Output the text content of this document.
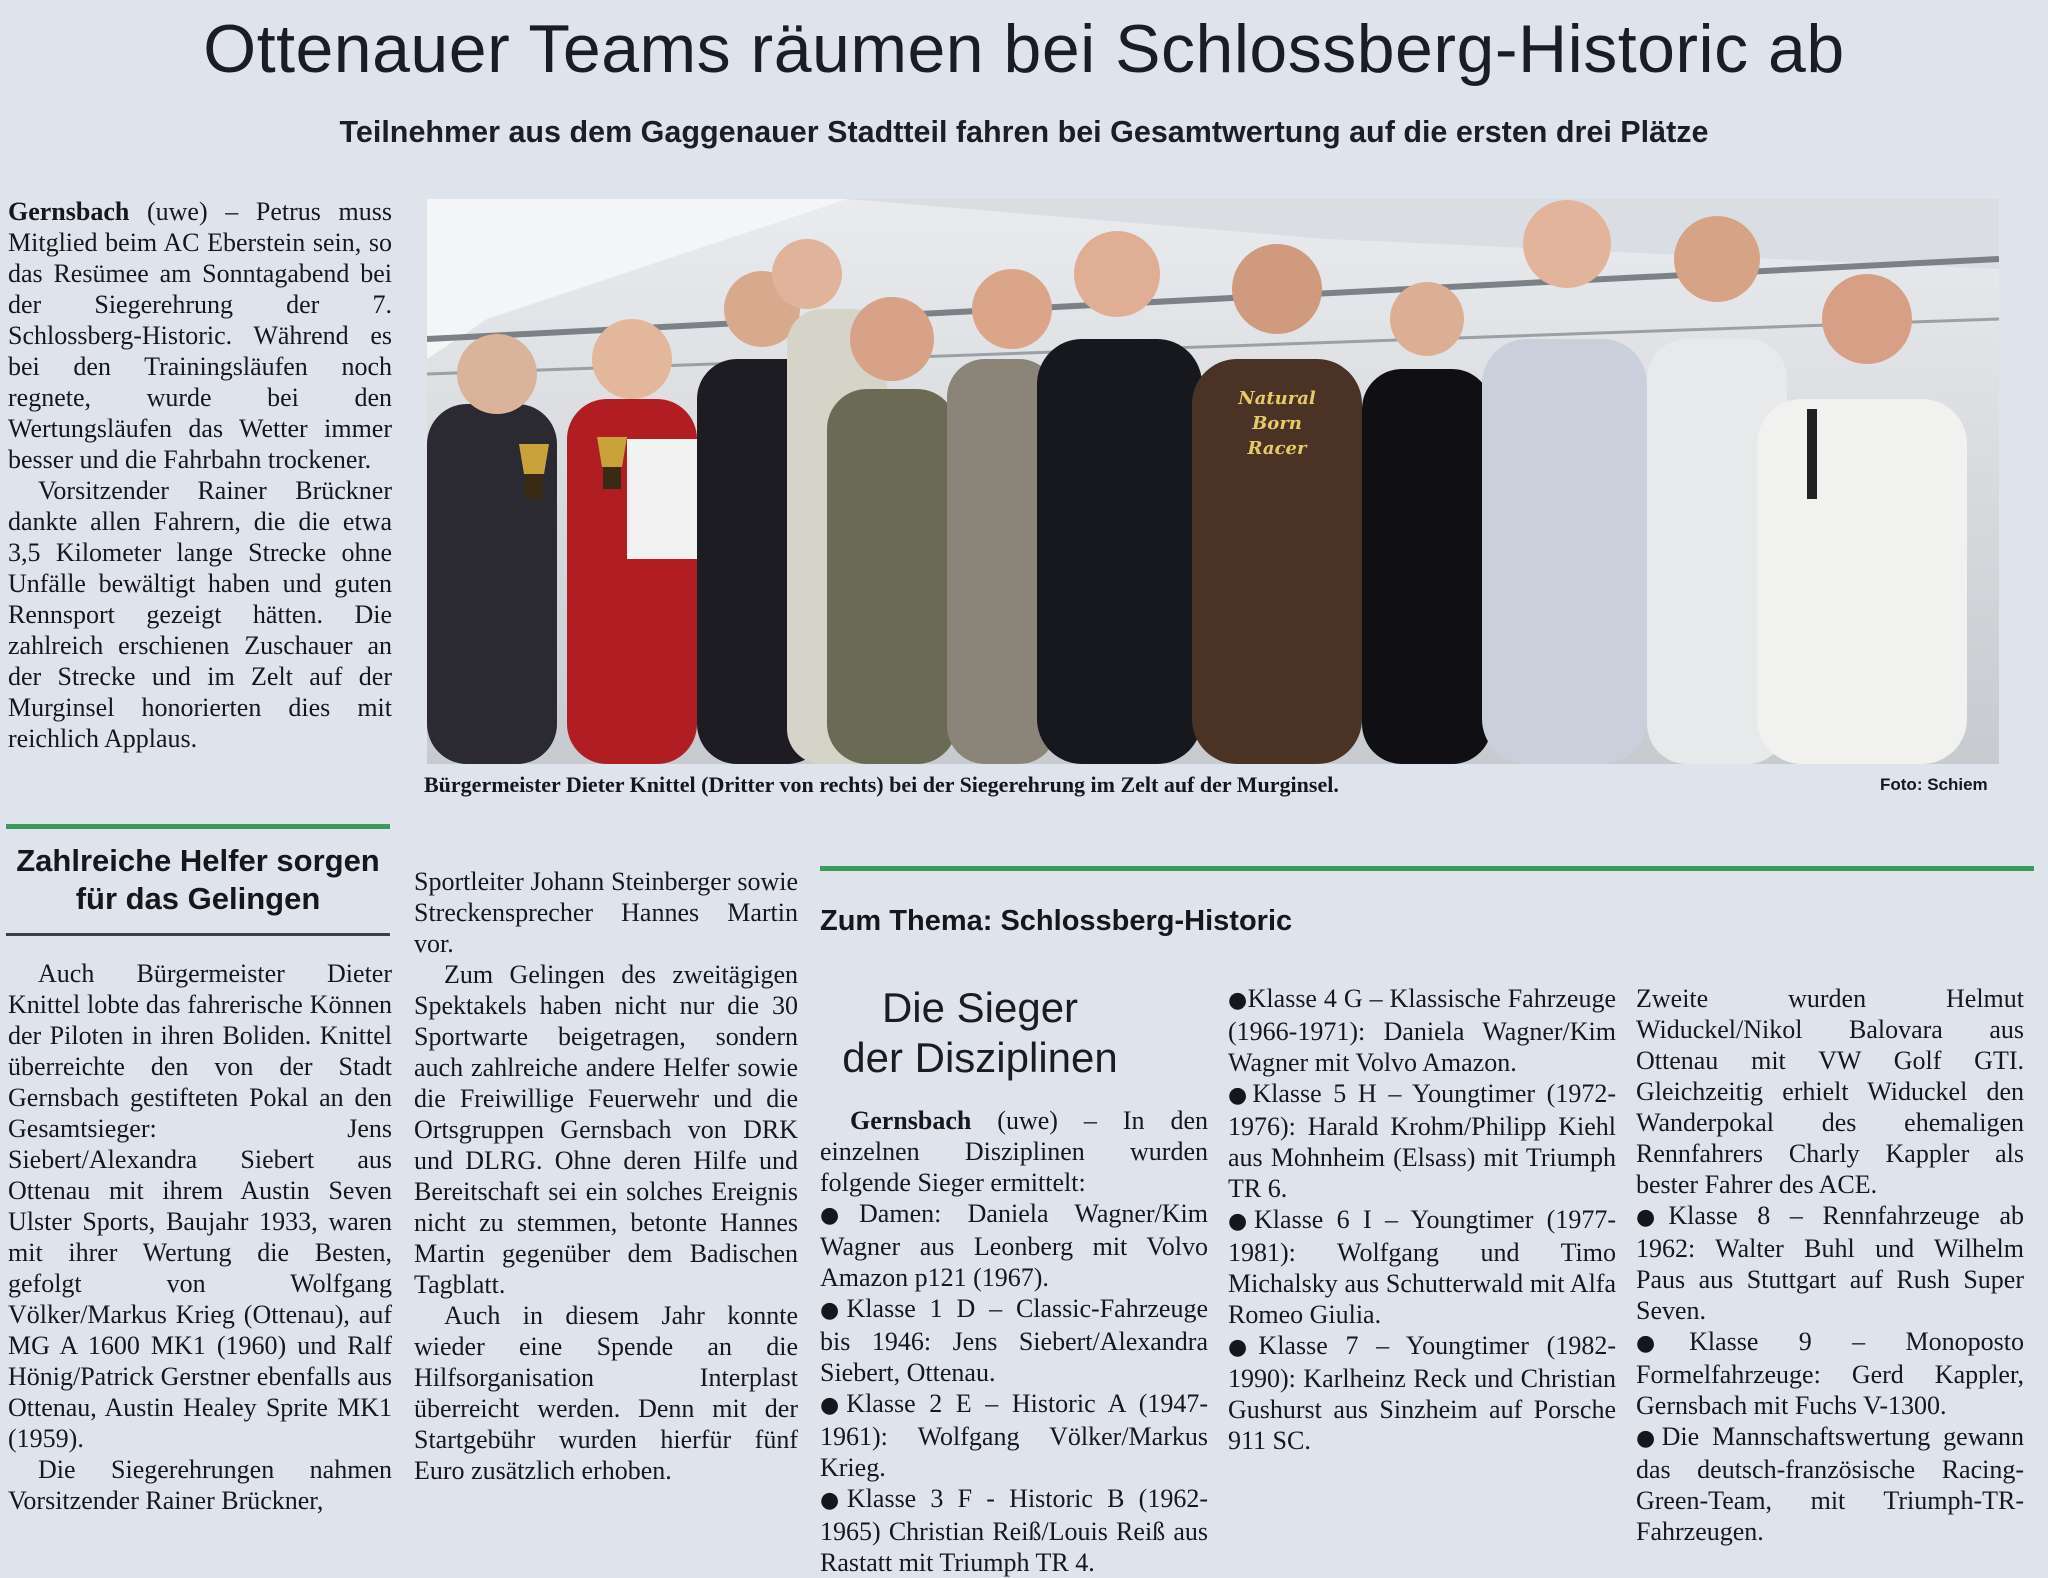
Ottenauer Teams räumen bei Schlossberg-Historic ab
Teilnehmer aus dem Gaggenauer Stadtteil fahren bei Gesamtwertung auf die ersten drei Plätze

Gernsbach (uwe) – Petrus muss Mitglied beim AC Eberstein sein, so das Resümee am Sonntagabend bei der Siegerehrung der 7. Schlossberg-Historic. Während es bei den Trainingsläufen noch regnete, wurde bei den Wertungsläufen das Wetter immer besser und die Fahrbahn trockener.

Vorsitzender Rainer Brückner dankte allen Fahrern, die die etwa 3,5 Kilometer lange Strecke ohne Unfälle bewältigt haben und guten Rennsport gezeigt hätten. Die zahlreich erschienen Zuschauer an der Strecke und im Zelt auf der Murginsel honorierten dies mit reichlich Applaus.

Natural
Born
Racer
Bürgermeister Dieter Knittel (Dritter von rechts) bei der Siegerehrung im Zelt auf der Murginsel.	Foto: Schiem
Zahlreiche Helfer sorgen für das Gelingen

Auch Bürgermeister Dieter Knittel lobte das fahrerische Können der Piloten in ihren Boliden. Knittel überreichte den von der Stadt Gernsbach gestifteten Pokal an den Gesamtsieger: Jens Siebert/Alexandra Siebert aus Ottenau mit ihrem Austin Seven Ulster Sports, Baujahr 1933, waren mit ihrer Wertung die Besten, gefolgt von Wolfgang Völker/Markus Krieg (Ottenau), auf MG A 1600 MK1 (1960) und Ralf Hönig/Patrick Gerstner ebenfalls aus Ottenau, Austin Healey Sprite MK1 (1959).

Die Siegerehrungen nahmen Vorsitzender Rainer Brückner,

Sportleiter Johann Steinberger sowie Streckensprecher Hannes Martin vor.

Zum Gelingen des zweitägigen Spektakels haben nicht nur die 30 Sportwarte beigetragen, sondern auch zahlreiche andere Helfer sowie die Freiwillige Feuerwehr und die Ortsgruppen Gernsbach von DRK und DLRG. Ohne deren Hilfe und Bereitschaft sei ein solches Ereignis nicht zu stemmen, betonte Hannes Martin gegenüber dem Badischen Tagblatt.

Auch in diesem Jahr konnte wieder eine Spende an die Hilfsorganisation Interplast überreicht werden. Denn mit der Startgebühr wurden hierfür fünf Euro zusätzlich erhoben.

Zum Thema: Schlossberg-Historic
Die Sieger
der Disziplinen

Gernsbach (uwe) – In den einzelnen Disziplinen wurden folgende Sieger ermittelt:

●Damen: Daniela Wagner/Kim Wagner aus Leonberg mit Volvo Amazon p121 (1967).

●Klasse 1 D – Classic-Fahrzeuge bis 1946: Jens Siebert/Alexandra Siebert, Ottenau.

●Klasse 2 E – Historic A (1947-1961): Wolfgang Völker/Markus Krieg.

●Klasse 3 F - Historic B (1962-1965) Christian Reiß/Louis Reiß aus Rastatt mit Triumph TR 4.

●Klasse 4 G – Klassische Fahrzeuge (1966-1971): Daniela Wagner/Kim Wagner mit Volvo Amazon.

●Klasse 5 H – Youngtimer (1972-1976): Harald Krohm/Philipp Kiehl aus Mohnheim (Elsass) mit Triumph TR 6.

●Klasse 6 I – Youngtimer (1977-1981): Wolfgang und Timo Michalsky aus Schutterwald mit Alfa Romeo Giulia.

●Klasse 7 – Youngtimer (1982-1990): Karlheinz Reck und Christian Gushurst aus Sinzheim auf Porsche 911 SC.

Zweite wurden Helmut Widuckel/Nikol Balovara aus Ottenau mit VW Golf GTI. Gleichzeitig erhielt Widuckel den Wanderpokal des ehemaligen Rennfahrers Charly Kappler als bester Fahrer des ACE.

●Klasse 8 – Rennfahrzeuge ab 1962: Walter Buhl und Wilhelm Paus aus Stuttgart auf Rush Super Seven.

●Klasse 9 – Monoposto Formelfahrzeuge: Gerd Kappler, Gernsbach mit Fuchs V-1300.

●Die Mannschaftswertung gewann das deutsch-französische Racing-Green-Team, mit Triumph-TR-Fahrzeugen.
